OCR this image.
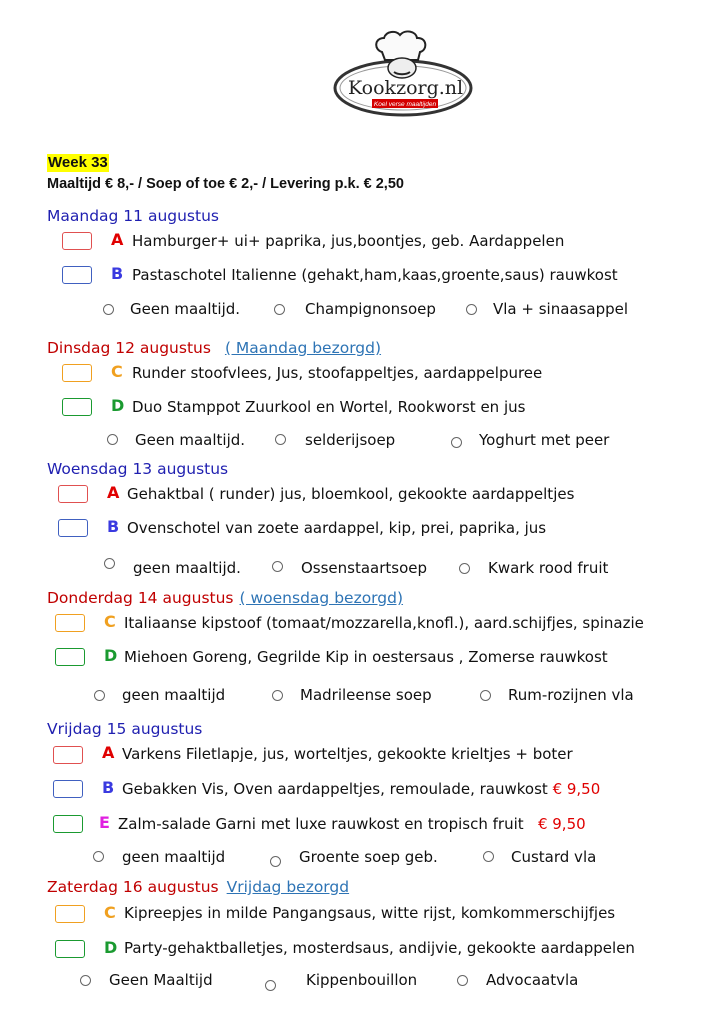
Kookzorg.nl
Koel verse maaltijden
Week 33
Maaltijd € 8,- / Soep of toe € 2,- / Levering p.k. € 2,50
Maandag 11 augustus
A Hamburger+ ui+ paprika, jus,boontjes, geb. Aardappelen
B Pastaschotel Italienne (gehakt,ham,kaas,groente,saus) rauwkost
Geen maaltijd.	Champignonsoep	Vla + sinaasappel
Dinsdag 12 augustus ( Maandag bezorgd)
C Runder stoofvlees, Jus, stoofappeltjes, aardappelpuree
D Duo Stamppot Zuurkool en Wortel, Rookworst en jus
Geen maaltijd.	selderijsoep	Yoghurt met peer
Woensdag 13 augustus
A Gehaktbal ( runder) jus, bloemkool, gekookte aardappeltjes
B Ovenschotel van zoete aardappel, kip, prei, paprika, jus
geen maaltijd.	Ossenstaartsoep	Kwark rood fruit
Donderdag 14 augustus ( woensdag bezorgd)
C Italiaanse kipstoof (tomaat/mozzarella,knofl.), aard.schijfjes, spinazie
D Miehoen Goreng, Gegrilde Kip in oestersaus , Zomerse rauwkost
geen maaltijd	Madrileense soep	Rum-rozijnen vla
Vrijdag 15 augustus
A Varkens Filetlapje, jus, worteltjes, gekookte krieltjes + boter
B Gebakken Vis, Oven aardappeltjes, remoulade, rauwkost € 9,50
E Zalm-salade Garni met luxe rauwkost en tropisch fruit € 9,50
geen maaltijd	Groente soep geb.	Custard vla
Zaterdag 16 augustus Vrijdag bezorgd
C Kipreepjes in milde Pangangsaus, witte rijst, komkommerschijfjes
D Party-gehaktballetjes, mosterdsaus, andijvie, gekookte aardappelen
Geen Maaltijd	Kippenbouillon	Advocaatvla
